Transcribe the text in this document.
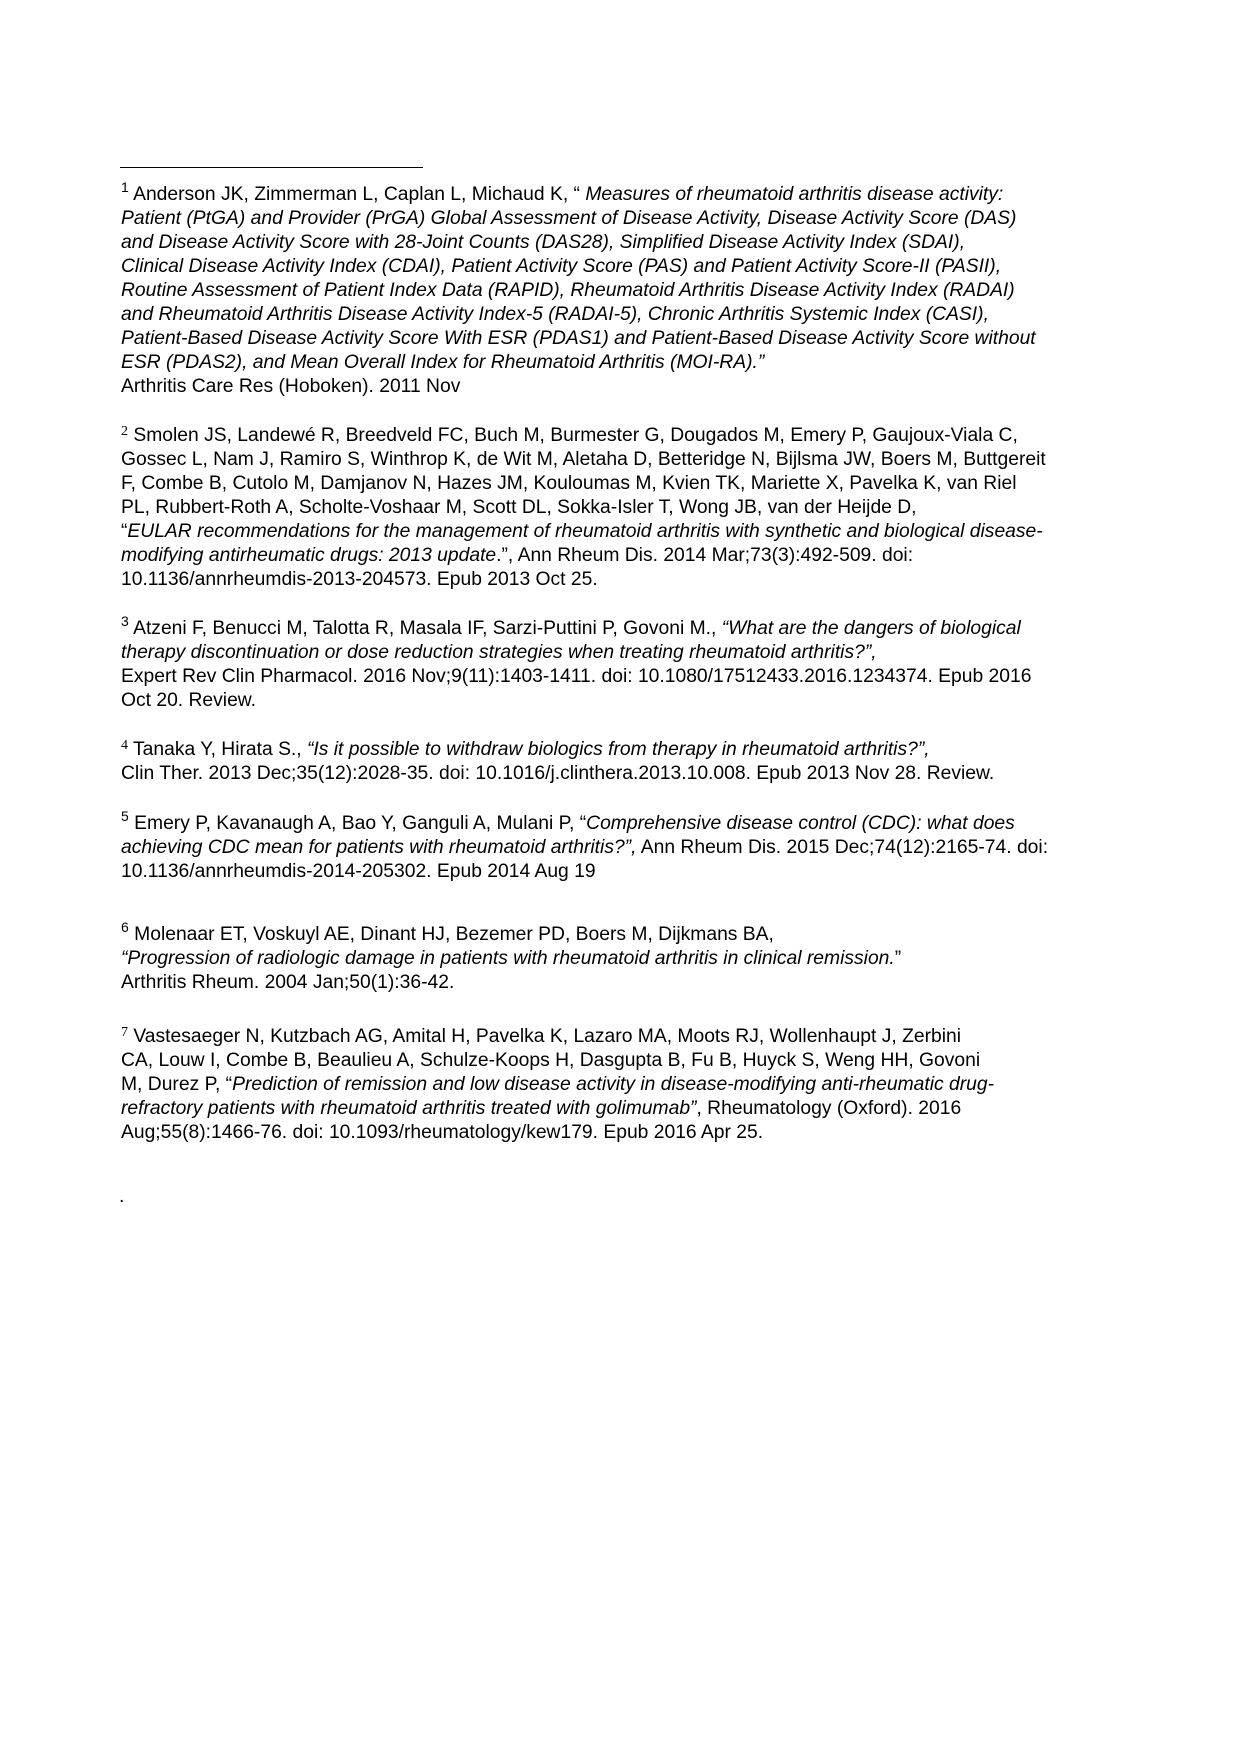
$^1$ Anderson JK, Zimmerman L, Caplan L, Michaud K, “ Measures of rheumatoid arthritis disease activity:
Patient (PtGA) and Provider (PrGA) Global Assessment of Disease Activity, Disease Activity Score (DAS)
and Disease Activity Score with 28-Joint Counts (DAS28), Simplified Disease Activity Index (SDAI),
Clinical Disease Activity Index (CDAI), Patient Activity Score (PAS) and Patient Activity Score-II (PASII),
Routine Assessment of Patient Index Data (RAPID), Rheumatoid Arthritis Disease Activity Index (RADAI)
and Rheumatoid Arthritis Disease Activity Index-5 (RADAI-5), Chronic Arthritis Systemic Index (CASI),
Patient-Based Disease Activity Score With ESR (PDAS1) and Patient-Based Disease Activity Score without
ESR (PDAS2), and Mean Overall Index for Rheumatoid Arthritis (MOI-RA).”
Arthritis Care Res (Hoboken). 2011 Nov
$^2$ Smolen JS, Landewé R, Breedveld FC, Buch M, Burmester G, Dougados M, Emery P, Gaujoux-Viala C,
Gossec L, Nam J, Ramiro S, Winthrop K, de Wit M, Aletaha D, Betteridge N, Bijlsma JW, Boers M, Buttgereit
F, Combe B, Cutolo M, Damjanov N, Hazes JM, Kouloumas M, Kvien TK, Mariette X, Pavelka K, van Riel
PL, Rubbert-Roth A, Scholte-Voshaar M, Scott DL, Sokka-Isler T, Wong JB, van der Heijde D,
“EULAR recommendations for the management of rheumatoid arthritis with synthetic and biological disease-
modifying antirheumatic drugs: 2013 update.”, Ann Rheum Dis. 2014 Mar;73(3):492-509. doi:
10.1136/annrheumdis-2013-204573. Epub 2013 Oct 25.
$^3$ Atzeni F, Benucci M, Talotta R, Masala IF, Sarzi-Puttini P, Govoni M., “What are the dangers of biological
therapy discontinuation or dose reduction strategies when treating rheumatoid arthritis?”,
Expert Rev Clin Pharmacol. 2016 Nov;9(11):1403-1411. doi: 10.1080/17512433.2016.1234374. Epub 2016
Oct 20. Review.
$^4$ Tanaka Y, Hirata S., “Is it possible to withdraw biologics from therapy in rheumatoid arthritis?”,
Clin Ther. 2013 Dec;35(12):2028-35. doi: 10.1016/j.clinthera.2013.10.008. Epub 2013 Nov 28. Review.
$^5$ Emery P, Kavanaugh A, Bao Y, Ganguli A, Mulani P, “Comprehensive disease control (CDC): what does
achieving CDC mean for patients with rheumatoid arthritis?”, Ann Rheum Dis. 2015 Dec;74(12):2165-74. doi:
10.1136/annrheumdis-2014-205302. Epub 2014 Aug 19
$^6$ Molenaar ET, Voskuyl AE, Dinant HJ, Bezemer PD, Boers M, Dijkmans BA,
“Progression of radiologic damage in patients with rheumatoid arthritis in clinical remission.”
Arthritis Rheum. 2004 Jan;50(1):36-42.
$^7$ Vastesaeger N, Kutzbach AG, Amital H, Pavelka K, Lazaro MA, Moots RJ, Wollenhaupt J, Zerbini
CA, Louw I, Combe B, Beaulieu A, Schulze-Koops H, Dasgupta B, Fu B, Huyck S, Weng HH, Govoni
M, Durez P, “Prediction of remission and low disease activity in disease-modifying anti-rheumatic drug-
refractory patients with rheumatoid arthritis treated with golimumab”, Rheumatology (Oxford). 2016
Aug;55(8):1466-76. doi: 10.1093/rheumatology/kew179. Epub 2016 Apr 25.
.
